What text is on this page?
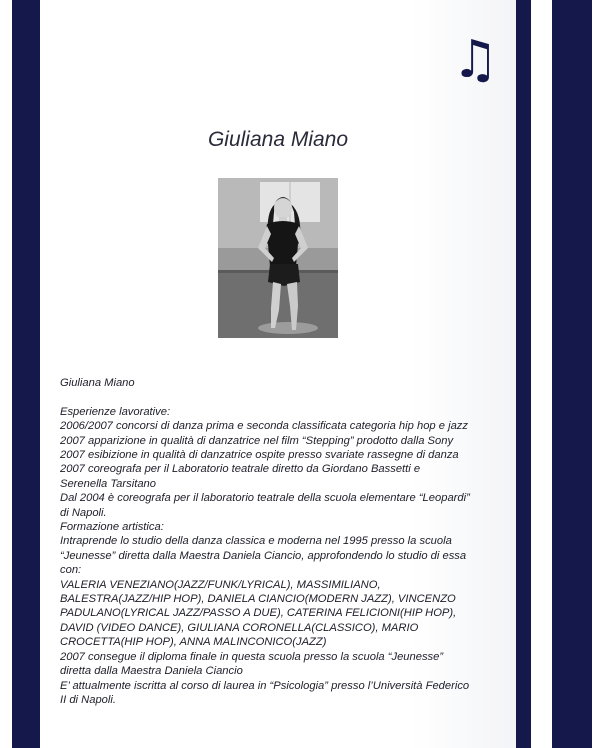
♫
Giuliana Miano

Giuliana Miano

Esperienze lavorative:

2006/2007 concorsi di danza prima e seconda classificata categoria hip hop e jazz

2007 apparizione in qualità di danzatrice nel film “Stepping” prodotto dalla Sony

2007 esibizione in qualità di danzatrice ospite presso svariate rassegne di danza

2007 coreografa per il Laboratorio teatrale diretto da Giordano Bassetti e

Serenella Tarsitano

Dal 2004 è coreografa per il laboratorio teatrale della scuola elementare “Leopardi”

di Napoli.

Formazione artistica:

Intraprende lo studio della danza classica e moderna nel 1995 presso la scuola

“Jeunesse” diretta dalla Maestra Daniela Ciancio, approfondendo lo studio di essa

con:

VALERIA VENEZIANO(JAZZ/FUNK/LYRICAL), MASSIMILIANO,

BALESTRA(JAZZ/HIP HOP), DANIELA CIANCIO(MODERN JAZZ), VINCENZO

PADULANO(LYRICAL JAZZ/PASSO A DUE), CATERINA FELICIONI(HIP HOP),

DAVID (VIDEO DANCE), GIULIANA CORONELLA(CLASSICO), MARIO

CROCETTA(HIP HOP), ANNA MALINCONICO(JAZZ)

2007 consegue il diploma finale in questa scuola presso la scuola “Jeunesse”

diretta dalla Maestra Daniela Ciancio

E’ attualmente iscritta al corso di laurea in “Psicologia” presso l’Università Federico

II di Napoli.
